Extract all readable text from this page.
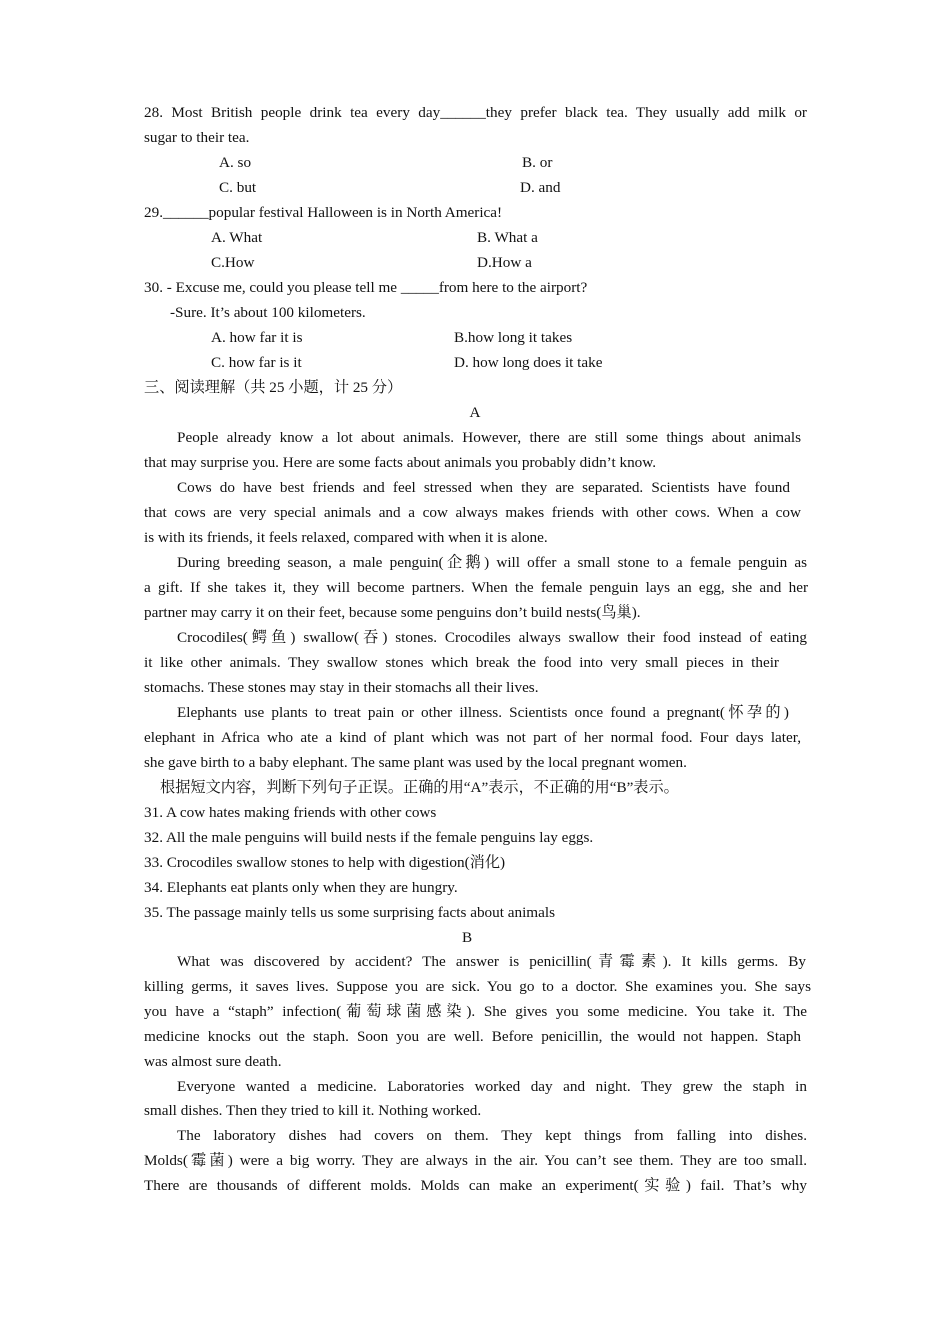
28. Most British people drink tea every day______they prefer black tea. They usually add milk or
sugar to their tea.
A. so	B. or
C. but	D. and
29.______popular festival Halloween is in North America!
A. What	B. What a
C.How	D.How a
30. - Excuse me, could you please tell me _____from here to the airport?
-Sure. It’s about 100 kilometers.
A. how far it is	B.how long it takes
C. how far is it	D. how long does it take
三、阅读理解（共 25 小题，计 25 分）
A
People already know a lot about animals. However, there are still some things about animals
that may surprise you. Here are some facts about animals you probably didn’t know.
Cows do have best friends and feel stressed when they are separated. Scientists have found
that cows are very special animals and a cow always makes friends with other cows. When a cow
is with its friends, it feels relaxed, compared with when it is alone.
During breeding season, a male penguin(企鹅) will offer a small stone to a female penguin as
a gift. If she takes it, they will become partners. When the female penguin lays an egg, she and her
partner may carry it on their feet, because some penguins don’t build nests(鸟巢).
Crocodiles(鳄鱼) swallow(吞) stones. Crocodiles always swallow their food instead of eating
it like other animals. They swallow stones which break the food into very small pieces in their
stomachs. These stones may stay in their stomachs all their lives.
Elephants use plants to treat pain or other illness. Scientists once found a pregnant(怀孕的)
elephant in Africa who ate a kind of plant which was not part of her normal food. Four days later,
she gave birth to a baby elephant. The same plant was used by the local pregnant women.
根据短文内容，判断下列句子正误。正确的用“A”表示，不正确的用“B”表示。
31. A cow hates making friends with other cows
32. All the male penguins will build nests if the female penguins lay eggs.
33. Crocodiles swallow stones to help with digestion(消化)
34. Elephants eat plants only when they are hungry.
35. The passage mainly tells us some surprising facts about animals
B
What was discovered by accident? The answer is penicillin(青霉素). It kills germs. By
killing germs, it saves lives. Suppose you are sick. You go to a doctor. She examines you. She says
you have a “staph” infection(葡萄球菌感染). She gives you some medicine. You take it. The
medicine knocks out the staph. Soon you are well. Before penicillin, the would not happen. Staph
was almost sure death.
Everyone wanted a medicine. Laboratories worked day and night. They grew the staph in
small dishes. Then they tried to kill it. Nothing worked.
The laboratory dishes had covers on them. They kept things from falling into dishes.
Molds(霉菌) were a big worry. They are always in the air. You can’t see them. They are too small.
There are thousands of different molds. Molds can make an experiment(实验) fail. That’s why
